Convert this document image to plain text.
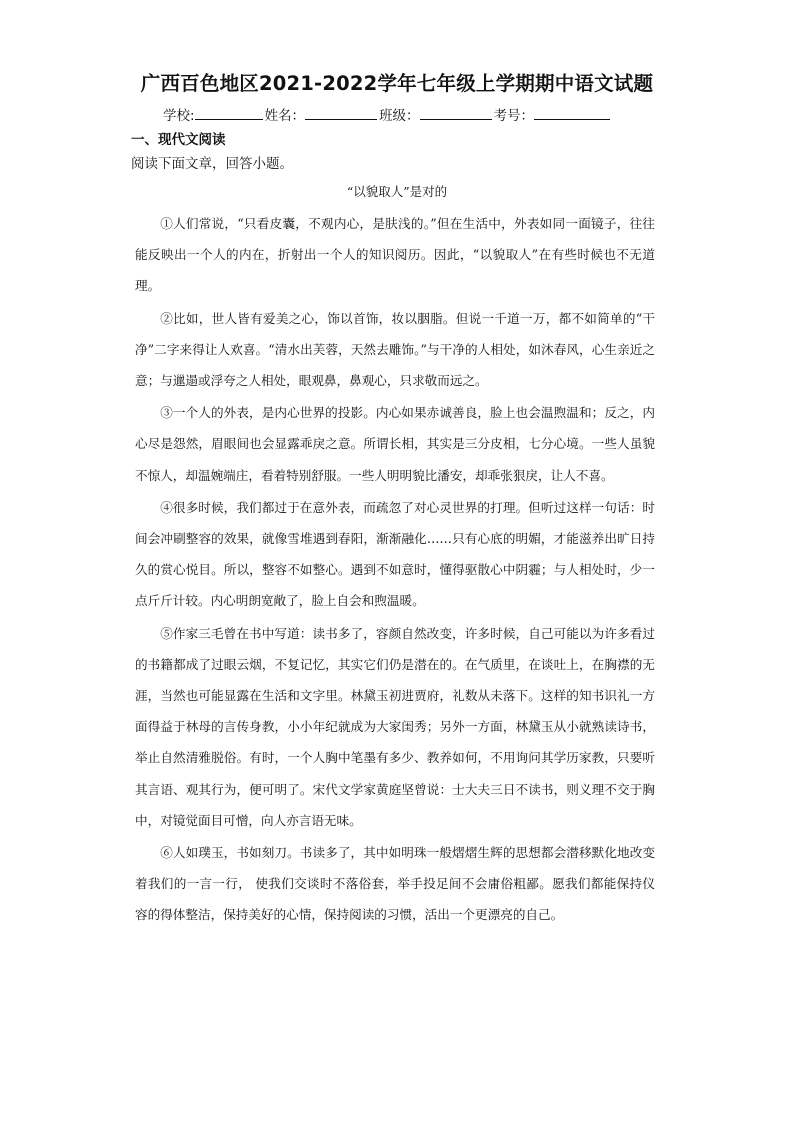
广西百色地区2021-2022学年七年级上学期期中语文试题
学校:	姓名：	班级：	考号：
一、现代文阅读
阅读下面文章，回答小题。
“以貌取人”是对的

①人们常说，“只看皮囊，不观内心，是肤浅的。”但在生活中，外表如同一面镜子，往往能反映出一个人的内在，折射出一个人的知识阅历。因此，“以貌取人”在有些时候也不无道理。

②比如，世人皆有爱美之心，饰以首饰，妆以胭脂。但说一千道一万，都不如简单的“干净”二字来得让人欢喜。“清水出芙蓉，天然去雕饰。”与干净的人相处，如沐春风，心生亲近之意；与邋遢或浮夸之人相处，眼观鼻，鼻观心，只求敬而远之。

③一个人的外表，是内心世界的投影。内心如果赤诚善良，脸上也会温煦温和；反之，内心尽是怨然，眉眼间也会显露乖戾之意。所谓长相，其实是三分皮相，七分心境。一些人虽貌不惊人，却温婉端庄，看着特别舒服。一些人明明貌比潘安，却乖张狠戾，让人不喜。

④很多时候，我们都过于在意外表，而疏忽了对心灵世界的打理。但听过这样一句话：时间会冲刷整容的效果，就像雪堆遇到春阳，渐渐融化……只有心底的明媚，才能滋养出旷日持久的赏心悦目。所以，整容不如整心。遇到不如意时，懂得驱散心中阴霾；与人相处时，少一点斤斤计较。内心明朗宽敞了，脸上自会和煦温暖。

⑤作家三毛曾在书中写道：读书多了，容颜自然改变，许多时候，自己可能以为许多看过的书籍都成了过眼云烟，不复记忆，其实它们仍是潜在的。在气质里，在谈吐上，在胸襟的无涯，当然也可能显露在生活和文字里。林黛玉初进贾府，礼数从未落下。这样的知书识礼一方面得益于林母的言传身教，小小年纪就成为大家闺秀；另外一方面，林黛玉从小就熟读诗书，举止自然清雅脱俗。有时，一个人胸中笔墨有多少、教养如何，不用询问其学历家教，只要听其言语、观其行为，便可明了。宋代文学家黄庭坚曾说：士大夫三日不读书，则义理不交于胸中，对镜觉面目可憎，向人亦言语无味。

⑥人如璞玉，书如刻刀。书读多了，其中如明珠一般熠熠生辉的思想都会潜移默化地改变着我们的一言一行， 使我们交谈时不落俗套，举手投足间不会庸俗粗鄙。愿我们都能保持仪容的得体整洁，保持美好的心情，保持阅读的习惯，活出一个更漂亮的自己。
